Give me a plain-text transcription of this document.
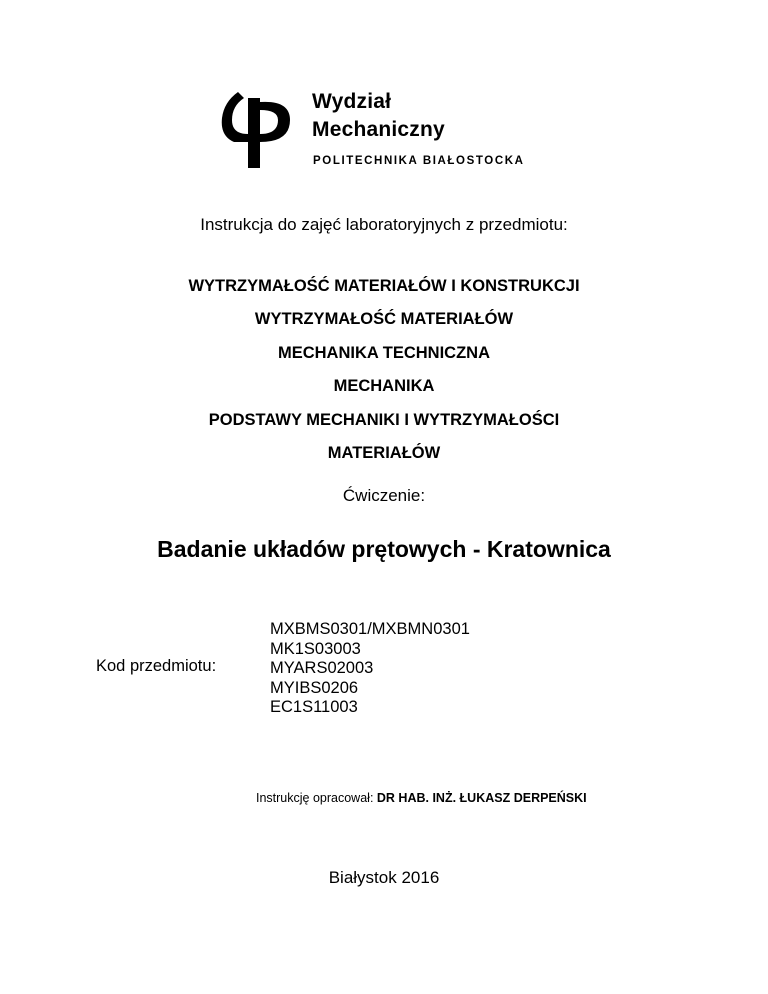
Wydział
Mechaniczny
POLITECHNIKA BIAŁOSTOCKA
Instrukcja do zajęć laboratoryjnych z przedmiotu:
WYTRZYMAŁOŚĆ MATERIAŁÓW I KONSTRUKCJI
WYTRZYMAŁOŚĆ MATERIAŁÓW
MECHANIKA TECHNICZNA
MECHANIKA
PODSTAWY MECHANIKI I WYTRZYMAŁOŚCI
MATERIAŁÓW
Ćwiczenie:
Badanie układów prętowych - Kratownica
Kod przedmiotu:
MXBMS0301/MXBMN0301
MK1S03003
MYARS02003
MYIBS0206
EC1S11003
Instrukcję opracował: DR HAB. INŻ. ŁUKASZ DERPEŃSKI
Białystok 2016
